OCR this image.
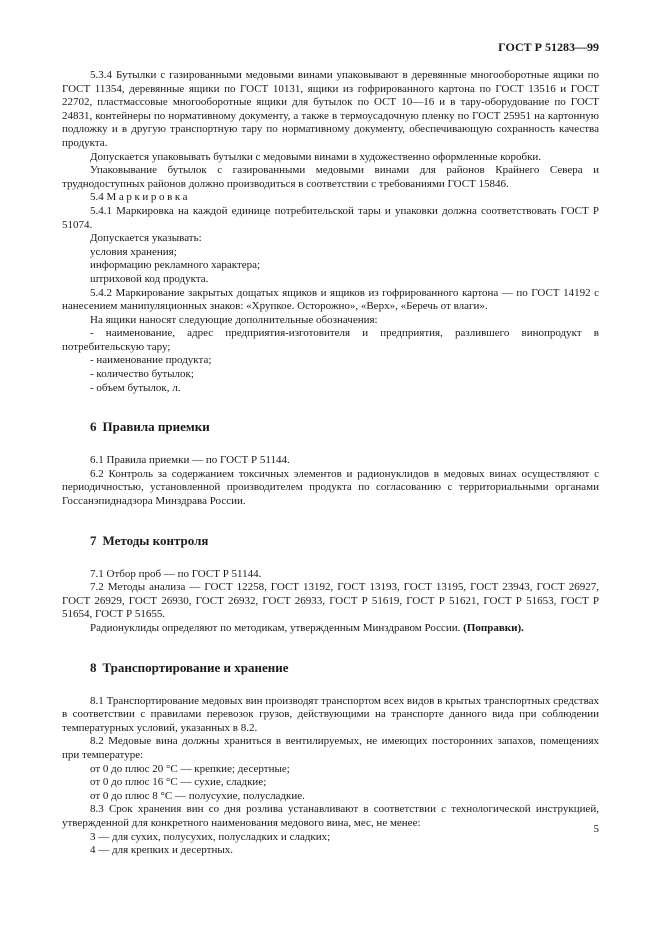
ГОСТ Р 51283—99

5.3.4 Бутылки с газированными медовыми винами упаковывают в деревянные многооборотные ящики по ГОСТ 11354, деревянные ящики по ГОСТ 10131, ящики из гофрированного картона по ГОСТ 13516 и ГОСТ 22702, пластмассовые многооборотные ящики для бутылок по ОСТ 10—16 и в тару-оборудование по ГОСТ 24831, контейнеры по нормативному документу, а также в термоусадочную пленку по ГОСТ 25951 на картонную подложку и в другую транспортную тару по нормативному документу, обеспечивающую сохранность качества продукта.

Допускается упаковывать бутылки с медовыми винами в художественно оформленные коробки.

Упаковывание бутылок с газированными медовыми винами для районов Крайнего Севера и труднодоступных районов должно производиться в соответствии с требованиями ГОСТ 15846.

5.4 Маркировка

5.4.1 Маркировка на каждой единице потребительской тары и упаковки должна соответствовать ГОСТ Р 51074.

Допускается указывать:

условия хранения;

информацию рекламного характера;

штриховой код продукта.

5.4.2 Маркирование закрытых дощатых ящиков и ящиков из гофрированного картона — по ГОСТ 14192 с нанесением манипуляционных знаков: «Хрупкое. Осторожно», «Верх», «Беречь от влаги».

На ящики наносят следующие дополнительные обозначения:

- наименование, адрес предприятия-изготовителя и предприятия, разлившего винопродукт в потребительскую тару;

- наименование продукта;

- количество бутылок;

- объем бутылок, л.

6 Правила приемки

6.1 Правила приемки — по ГОСТ Р 51144.

6.2 Контроль за содержанием токсичных элементов и радионуклидов в медовых винах осуществляют с периодичностью, установленной производителем продукта по согласованию с территориальными органами Госсанэпиднадзора Минздрава России.

7 Методы контроля

7.1 Отбор проб — по ГОСТ Р 51144.

7.2 Методы анализа — ГОСТ 12258, ГОСТ 13192, ГОСТ 13193, ГОСТ 13195, ГОСТ 23943, ГОСТ 26927, ГОСТ 26929, ГОСТ 26930, ГОСТ 26932, ГОСТ 26933, ГОСТ Р 51619, ГОСТ Р 51621, ГОСТ Р 51653, ГОСТ Р 51654, ГОСТ Р 51655.

Радионуклиды определяют по методикам, утвержденным Минздравом России. (Поправки).

8 Транспортирование и хранение

8.1 Транспортирование медовых вин производят транспортом всех видов в крытых транспортных средствах в соответствии с правилами перевозок грузов, действующими на транспорте данного вида при соблюдении температурных условий, указанных в 8.2.

8.2 Медовые вина должны храниться в вентилируемых, не имеющих посторонних запахов, помещениях при температуре:

от 0 до плюс 20 °С — крепкие; десертные;

от 0 до плюс 16 °С — сухие, сладкие;

от 0 до плюс 8 °С — полусухие, полусладкие.

8.3 Срок хранения вин со дня розлива устанавливают в соответствии с технологической инструкцией, утвержденной для конкретного наименования медового вина, мес, не менее:

3 — для сухих, полусухих, полусладких и сладких;

4 — для крепких и десертных.

5
